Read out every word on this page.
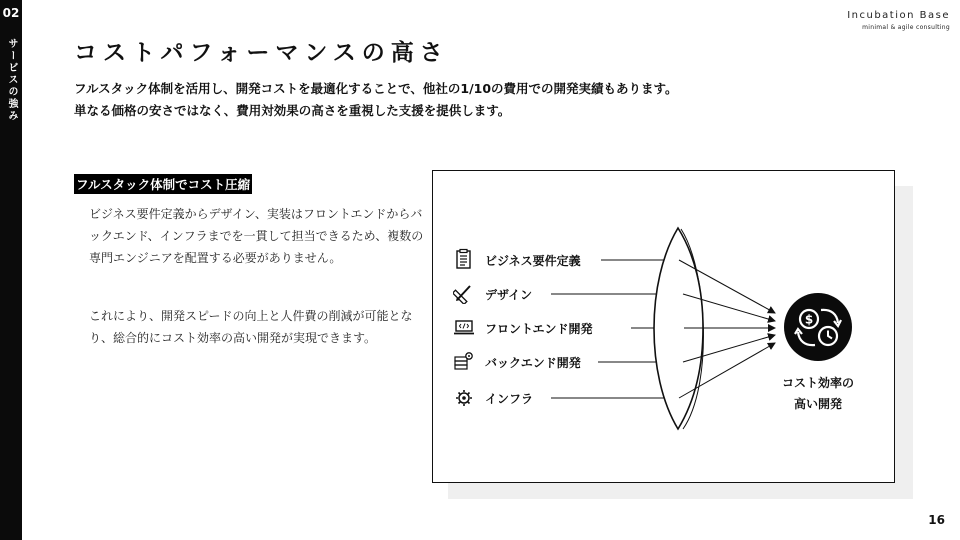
02
サービスの強み
Incubation Base
minimal & agile consulting
コストパフォーマンスの高さ
フルスタック体制を活用し、開発コストを最適化することで、他社の1/10の費用での開発実績もあります。
単なる価格の安さではなく、費用対効果の高さを重視した支援を提供します。
フルスタック体制でコスト圧縮
ビジネス要件定義からデザイン、実装はフロントエンドからバックエンド、インフラまでを一貫して担当できるため、複数の専門エンジニアを配置する必要がありません。
これにより、開発スピードの向上と人件費の削減が可能となり、総合的にコスト効率の高い開発が実現できます。
ビジネス要件定義
デザイン
フロントエンド開発
バックエンド開発
インフラ
$
コスト効率の
高い開発
16
